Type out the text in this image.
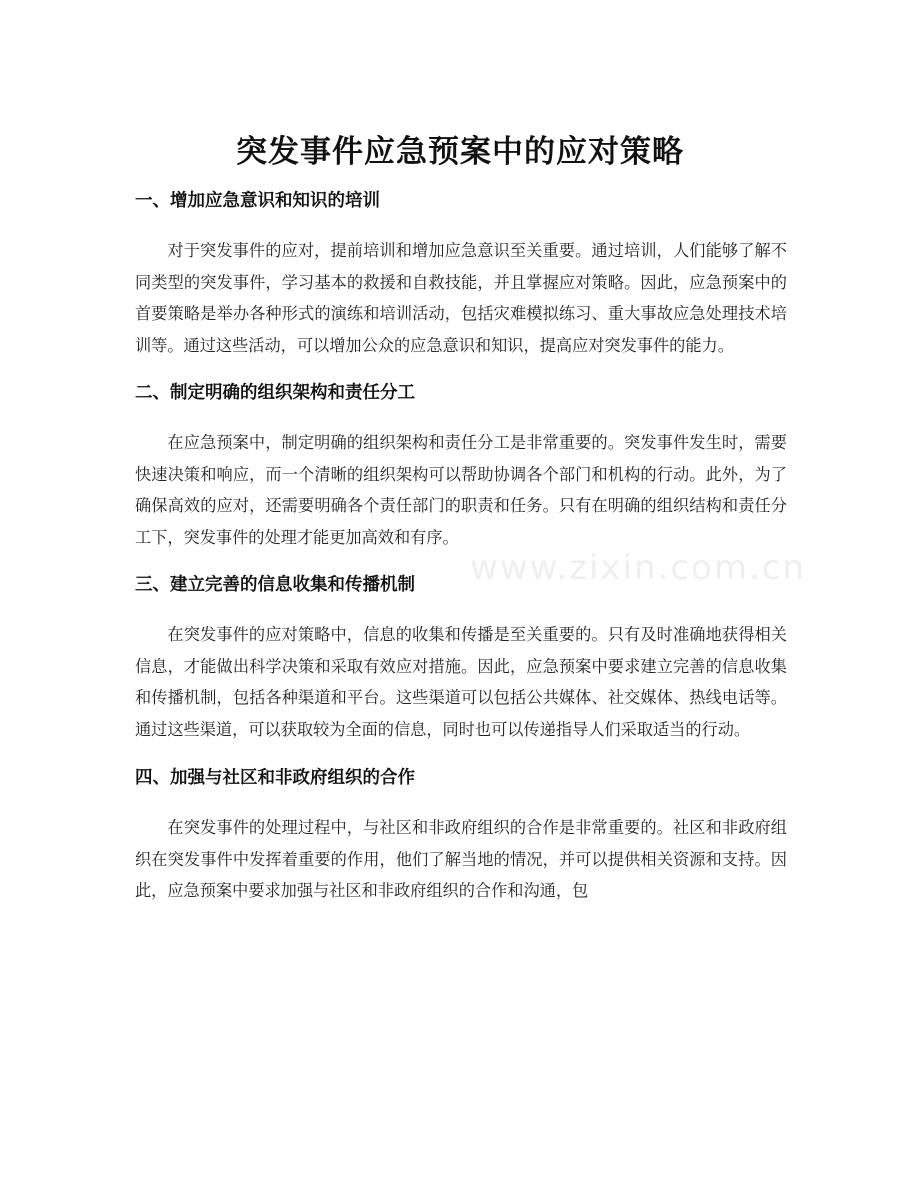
www.zixin.com.cn
突发事件应急预案中的应对策略
一、增加应急意识和知识的培训

对于突发事件的应对，提前培训和增加应急意识至关重要。通过培训，人们能够了解不同类型的突发事件，学习基本的救援和自救技能，并且掌握应对策略。因此，应急预案中的首要策略是举办各种形式的演练和培训活动，包括灾难模拟练习、重大事故应急处理技术培训等。通过这些活动，可以增加公众的应急意识和知识，提高应对突发事件的能力。

二、制定明确的组织架构和责任分工

在应急预案中，制定明确的组织架构和责任分工是非常重要的。突发事件发生时，需要快速决策和响应，而一个清晰的组织架构可以帮助协调各个部门和机构的行动。此外，为了确保高效的应对，还需要明确各个责任部门的职责和任务。只有在明确的组织结构和责任分工下，突发事件的处理才能更加高效和有序。

三、建立完善的信息收集和传播机制

在突发事件的应对策略中，信息的收集和传播是至关重要的。只有及时准确地获得相关信息，才能做出科学决策和采取有效应对措施。因此，应急预案中要求建立完善的信息收集和传播机制，包括各种渠道和平台。这些渠道可以包括公共媒体、社交媒体、热线电话等。通过这些渠道，可以获取较为全面的信息，同时也可以传递指导人们采取适当的行动。

四、加强与社区和非政府组织的合作

在突发事件的处理过程中，与社区和非政府组织的合作是非常重要的。社区和非政府组织在突发事件中发挥着重要的作用，他们了解当地的情况，并可以提供相关资源和支持。因此，应急预案中要求加强与社区和非政府组织的合作和沟通，包
